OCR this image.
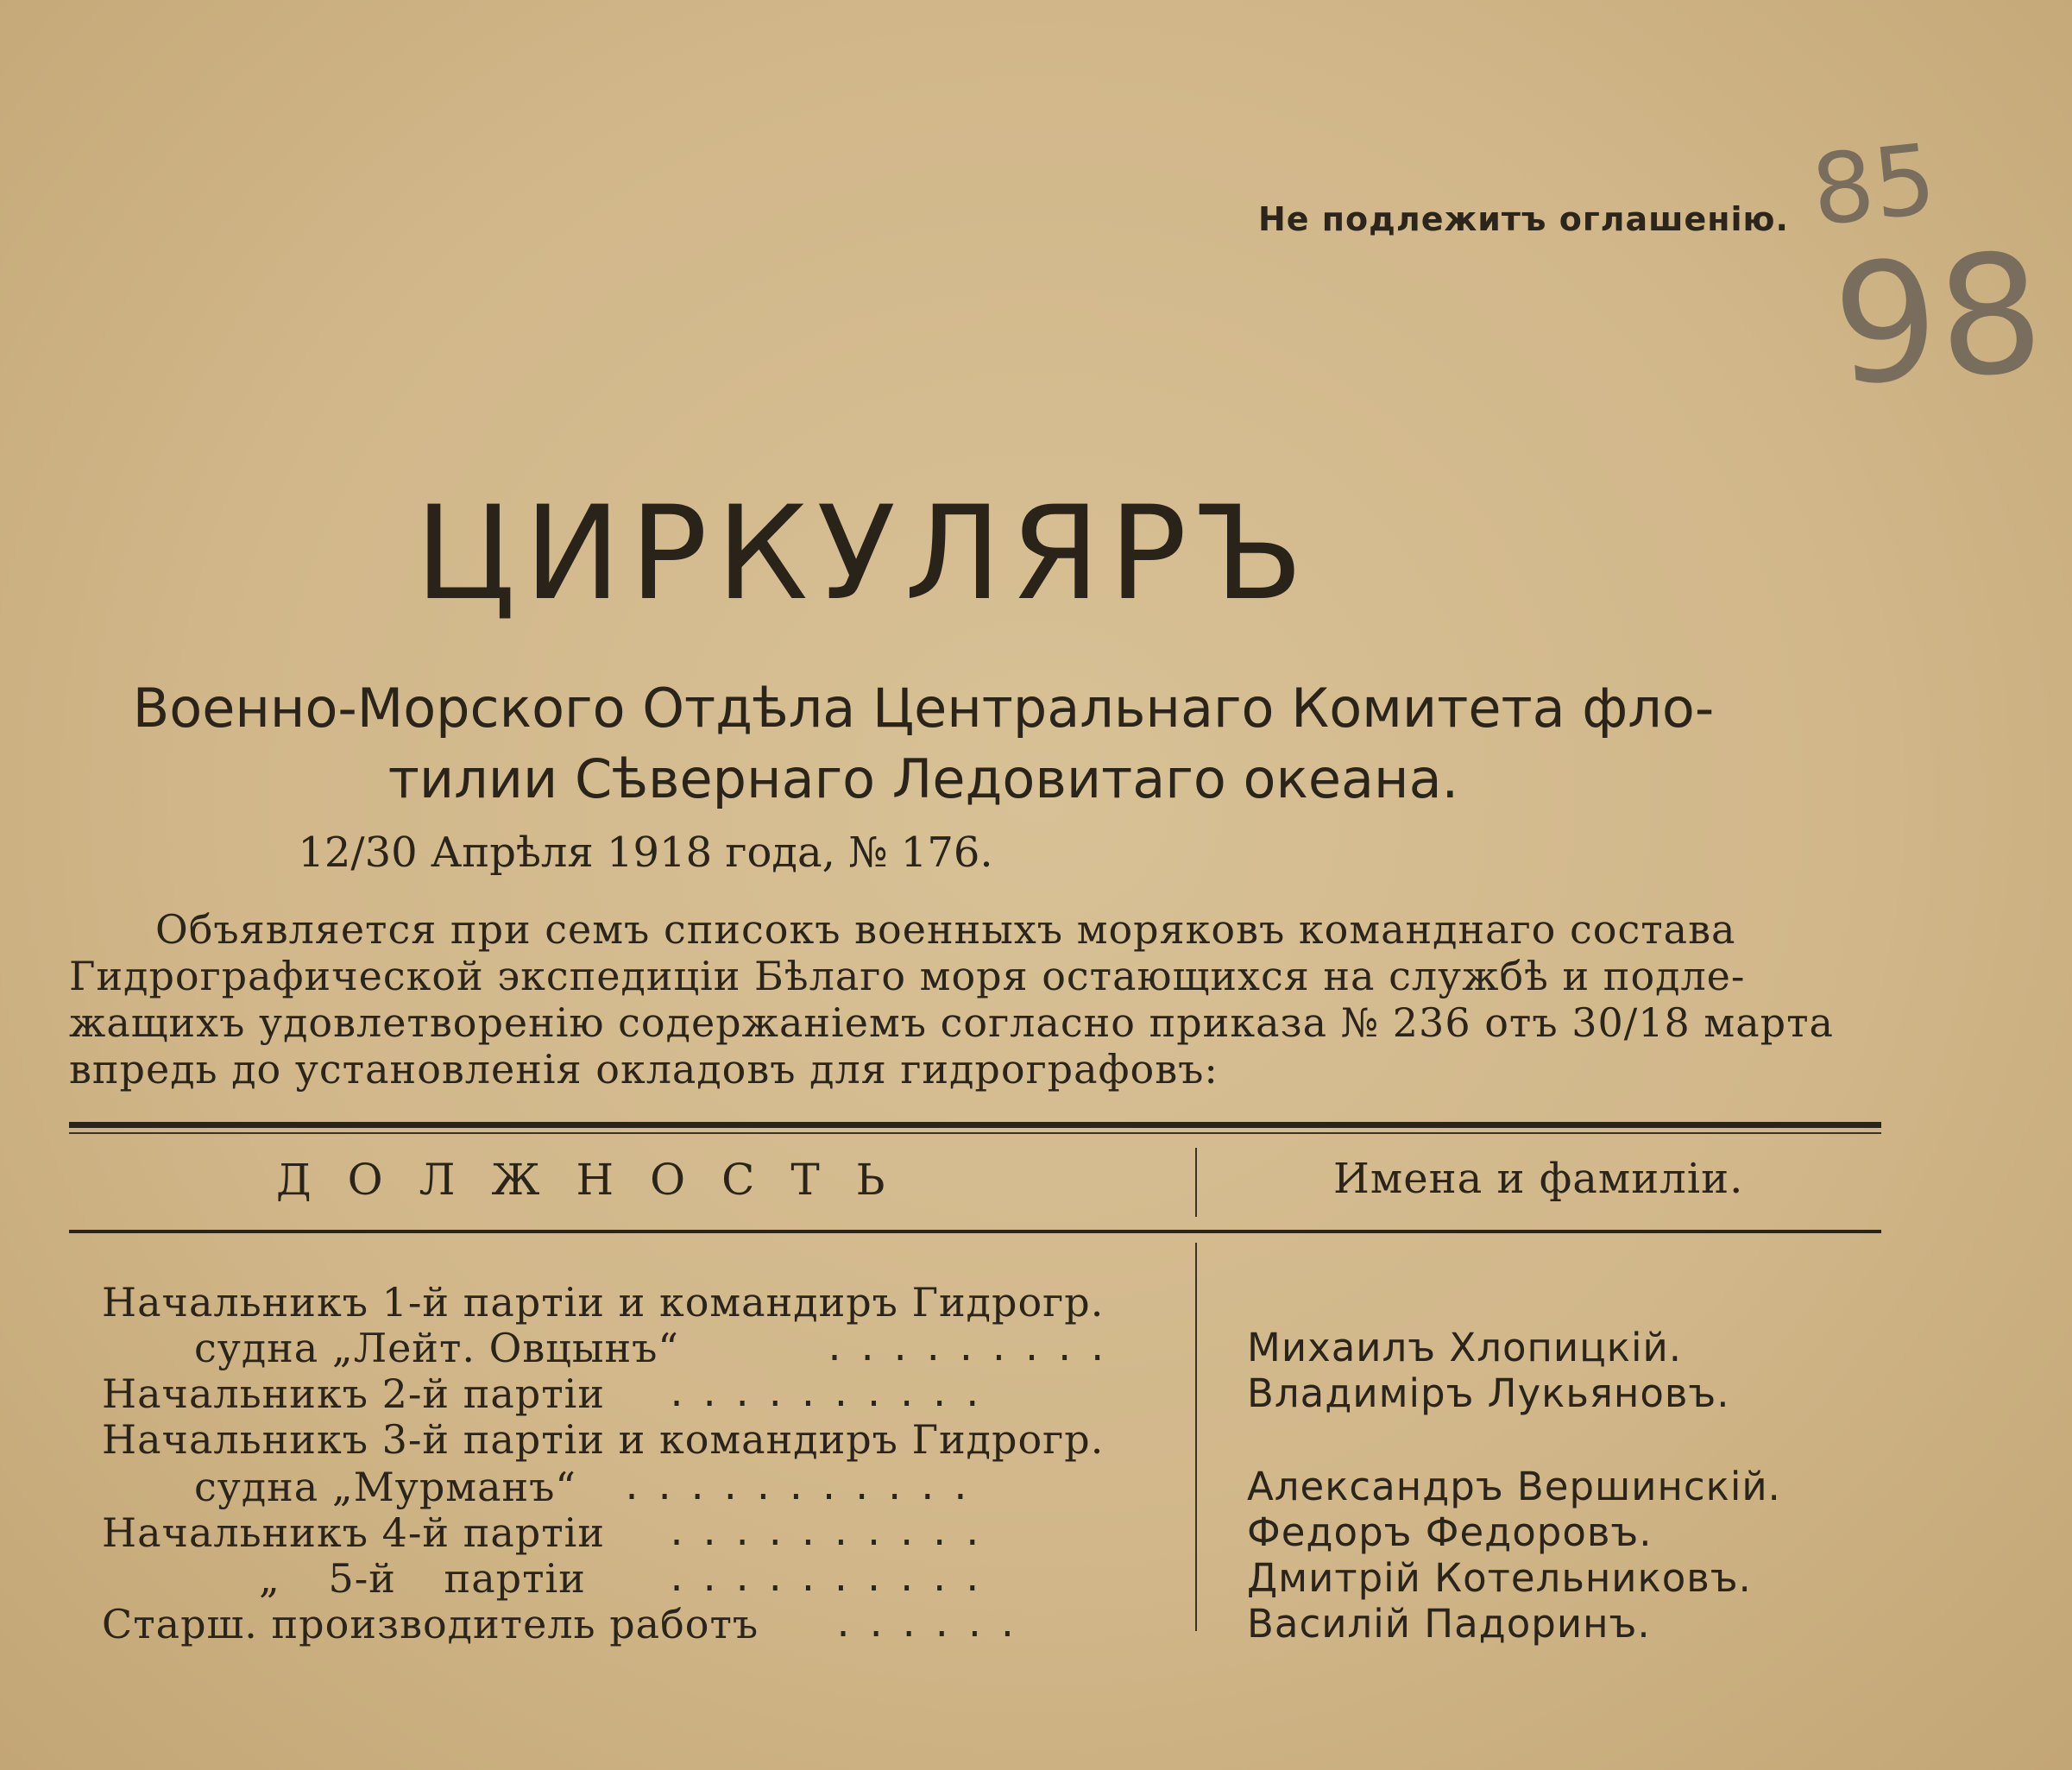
Не подлежитъ оглашенію. 85
98
ЦИРКУЛЯРЪ
Военно-Морского Отдѣла Центральнаго Комитета фло-
тилии Сѣвернаго Ледовитаго океана.
12/30 Апрѣля 1918 года, № 176.
Объявляется при семъ списокъ военныхъ моряковъ команднаго состава
Гидрографической экспедиціи Бѣлаго моря остающихся на службѣ и подле-
жащихъ удовлетворенію содержаніемъ согласно приказа № 236 отъ 30/18 марта
впредь до установленія окладовъ для гидрографовъ:
ДОЛЖНОСТЬ	Имена и фамиліи.
Начальникъ 1-й партіи и командиръ Гидрогр.
судна „Лейт. Овцынъ“	.........	Михаилъ Хлопицкій.
Начальникъ 2-й партіи ..........	Владиміръ Лукьяновъ.
Начальникъ 3-й партіи и командиръ Гидрогр.
судна „Мурманъ“ ...........	Александръ Вершинскій.
Начальникъ 4-й партіи ..........	Федоръ Федоровъ.
„ 5-й партіи ..........	Дмитрій Котельниковъ.
Старш. производитель работъ ......	Василій Падоринъ.
